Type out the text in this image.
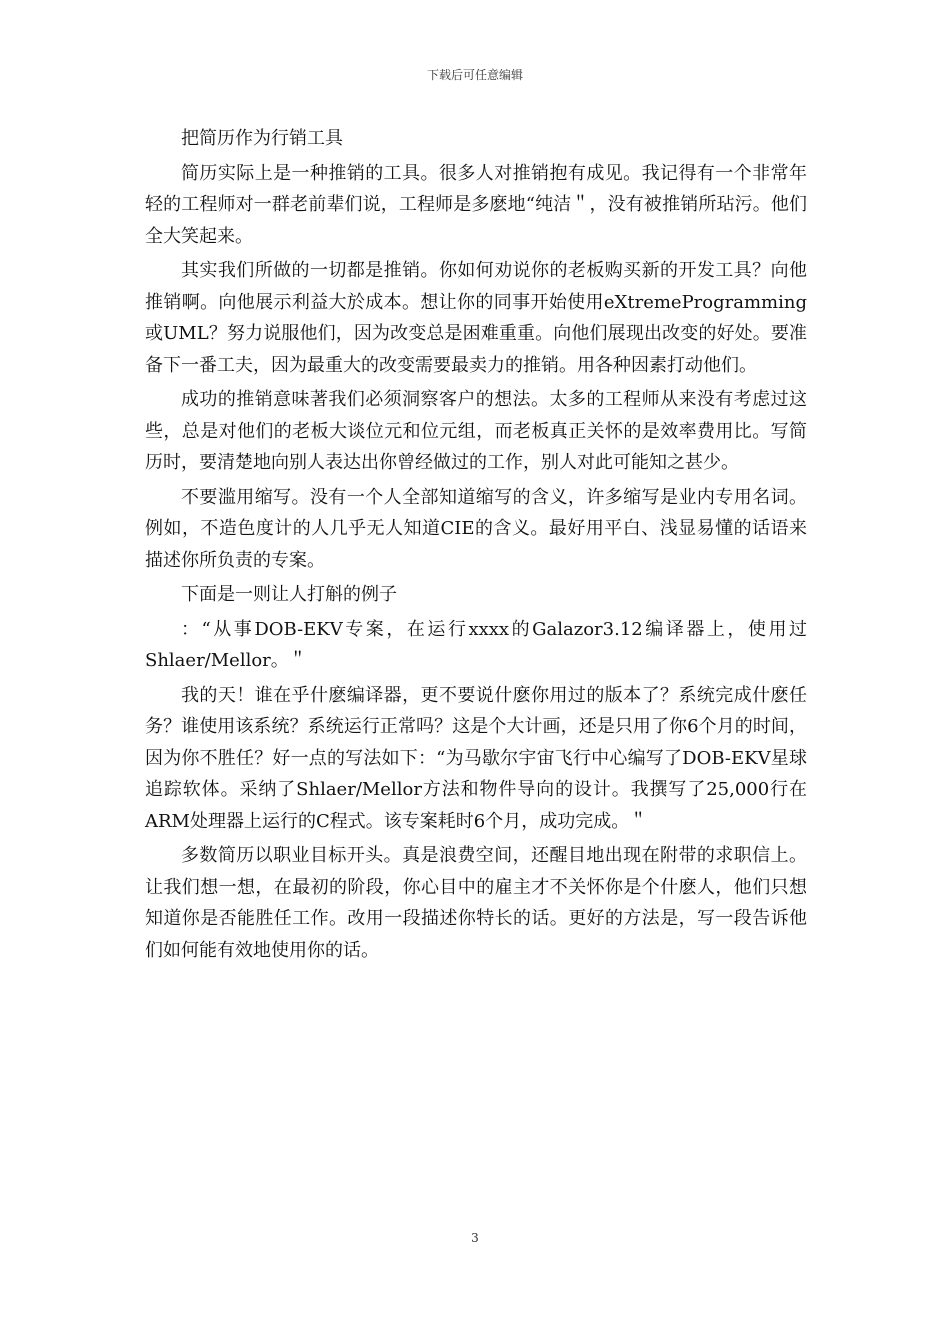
下载后可任意编辑

把简历作为行销工具

简历实际上是一种推销的工具。很多人对推销抱有成见。我记得有一个非常年轻的工程师对一群老前辈们说，工程师是多麽地“纯洁＂，没有被推销所玷污。他们全大笑起来。

其实我们所做的一切都是推销。你如何劝说你的老板购买新的开发工具？向他推销啊。向他展示利益大於成本。想让你的同事开始使用eXtremeProgramming或UML？努力说服他们，因为改变总是困难重重。向他们展现出改变的好处。要准备下一番工夫，因为最重大的改变需要最卖力的推销。用各种因素打动他们。

成功的推销意味著我们必须洞察客户的想法。太多的工程师从来没有考虑过这些，总是对他们的老板大谈位元和位元组，而老板真正关怀的是效率费用比。写简历时，要清楚地向别人表达出你曾经做过的工作，别人对此可能知之甚少。

不要滥用缩写。没有一个人全部知道缩写的含义，许多缩写是业内专用名词。例如，不造色度计的人几乎无人知道CIE的含义。最好用平白、浅显易懂的话语来描述你所负责的专案。

下面是一则让人打斛的例子

：“从事DOB-EKV专案，在运行xxxx的Galazor3.12编译器上，使用过Shlaer/Mellor。＂

我的天！谁在乎什麽编译器，更不要说什麽你用过的版本了？系统完成什麽任务？谁使用该系统？系统运行正常吗？这是个大计画，还是只用了你6个月的时间，因为你不胜任？好一点的写法如下：“为马歇尔宇宙飞行中心编写了DOB-EKV星球追踪软体。采纳了Shlaer/Mellor方法和物件导向的设计。我撰写了25,000行在ARM处理器上运行的C程式。该专案耗时6个月，成功完成。＂

多数简历以职业目标开头。真是浪费空间，还醒目地出现在附带的求职信上。让我们想一想，在最初的阶段，你心目中的雇主才不关怀你是个什麽人，他们只想知道你是否能胜任工作。改用一段描述你特长的话。更好的方法是，写一段告诉他们如何能有效地使用你的话。

3
